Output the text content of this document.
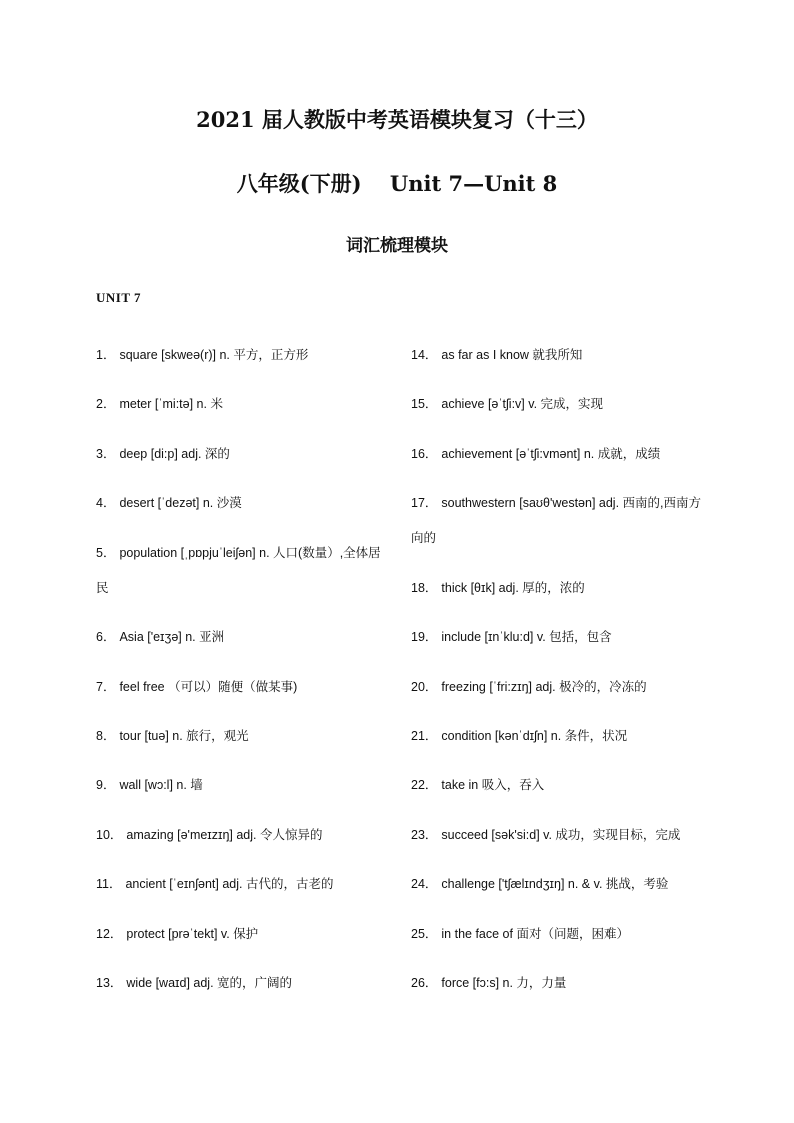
2021 届人教版中考英语模块复习（十三）
八年级(下册)　 Unit 7—Unit 8
词汇梳理模块

UNIT 7

1． square [skweə(r)] n. 平方，正方形
2． meter [ˈmi:tə] n. 米
3． deep [di:p] adj. 深的
4． desert [ˈdezət] n. 沙漠
5． population [ˌpɒpjuˈleiʃən] n. 人口(数量）,全体居民
6． Asia ['eɪʒə] n. 亚洲
7． feel free （可以）随便（做某事)
8． tour [tuə] n. 旅行，观光
9． wall [wɔ:l] n. 墙
10． amazing [ə'meɪzɪŋ] adj. 令人惊异的
11． ancient [ˈeɪnʃənt] adj. 古代的，古老的
12． protect [prəˈtekt] v. 保护
13． wide [waɪd] adj. 宽的，广阔的
14． as far as I know 就我所知
15． achieve [əˈtʃi:v] v. 完成，实现
16． achievement [əˈtʃi:vmənt] n. 成就，成绩
17． southwestern [saʊθ'westən] adj. 西南的,西南方向的
18． thick [θɪk] adj. 厚的，浓的
19． include [ɪnˈklu:d] v. 包括，包含
20． freezing [ˈfri:zɪŋ] adj. 极冷的，冷冻的
21． condition [kənˈdɪʃn] n. 条件，状况
22． take in 吸入，吞入
23． succeed [sək'si:d] v. 成功，实现目标，完成
24． challenge ['tʃælɪndʒɪŋ] n. & v. 挑战，考验
25． in the face of 面对（问题，困难）
26． force [fɔ:s] n. 力，力量
